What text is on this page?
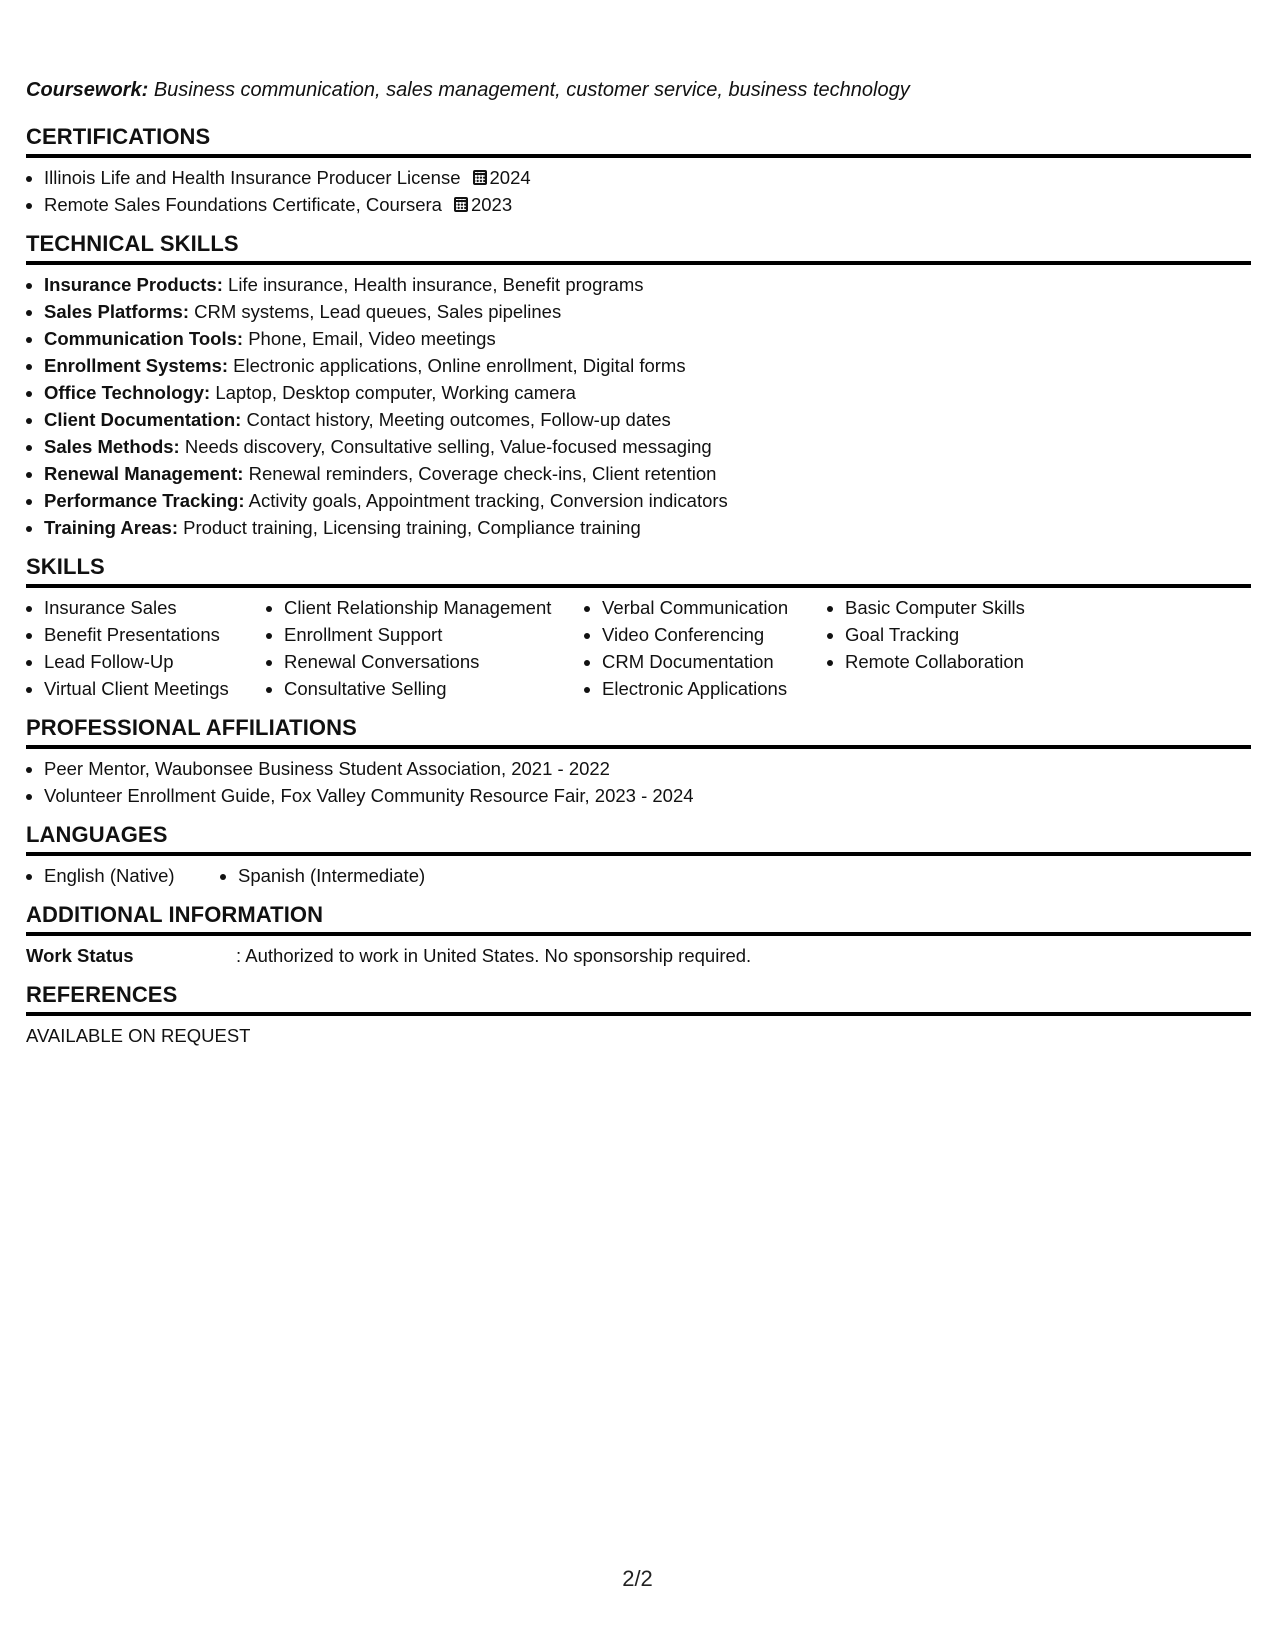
Coursework: Business communication, sales management, customer service, business technology

CERTIFICATIONS
• Illinois Life and Health Insurance Producer License 2024
• Remote Sales Foundations Certificate, Coursera 2023
TECHNICAL SKILLS
• Insurance Products: Life insurance, Health insurance, Benefit programs
• Sales Platforms: CRM systems, Lead queues, Sales pipelines
• Communication Tools: Phone, Email, Video meetings
• Enrollment Systems: Electronic applications, Online enrollment, Digital forms
• Office Technology: Laptop, Desktop computer, Working camera
• Client Documentation: Contact history, Meeting outcomes, Follow-up dates
• Sales Methods: Needs discovery, Consultative selling, Value-focused messaging
• Renewal Management: Renewal reminders, Coverage check-ins, Client retention
• Performance Tracking: Activity goals, Appointment tracking, Conversion indicators
• Training Areas: Product training, Licensing training, Compliance training
SKILLS
• Insurance Sales
• Benefit Presentations
• Lead Follow-Up
• Virtual Client Meetings
• Client Relationship Management
• Enrollment Support
• Renewal Conversations
• Consultative Selling
• Verbal Communication
• Video Conferencing
• CRM Documentation
• Electronic Applications
• Basic Computer Skills
• Goal Tracking
• Remote Collaboration
PROFESSIONAL AFFILIATIONS
• Peer Mentor, Waubonsee Business Student Association, 2021 - 2022
• Volunteer Enrollment Guide, Fox Valley Community Resource Fair, 2023 - 2024
LANGUAGES
• English (Native)
•	Spanish (Intermediate)
ADDITIONAL INFORMATION
Work Status	: Authorized to work in United States. No sponsorship required.
REFERENCES

AVAILABLE ON REQUEST

2/2
